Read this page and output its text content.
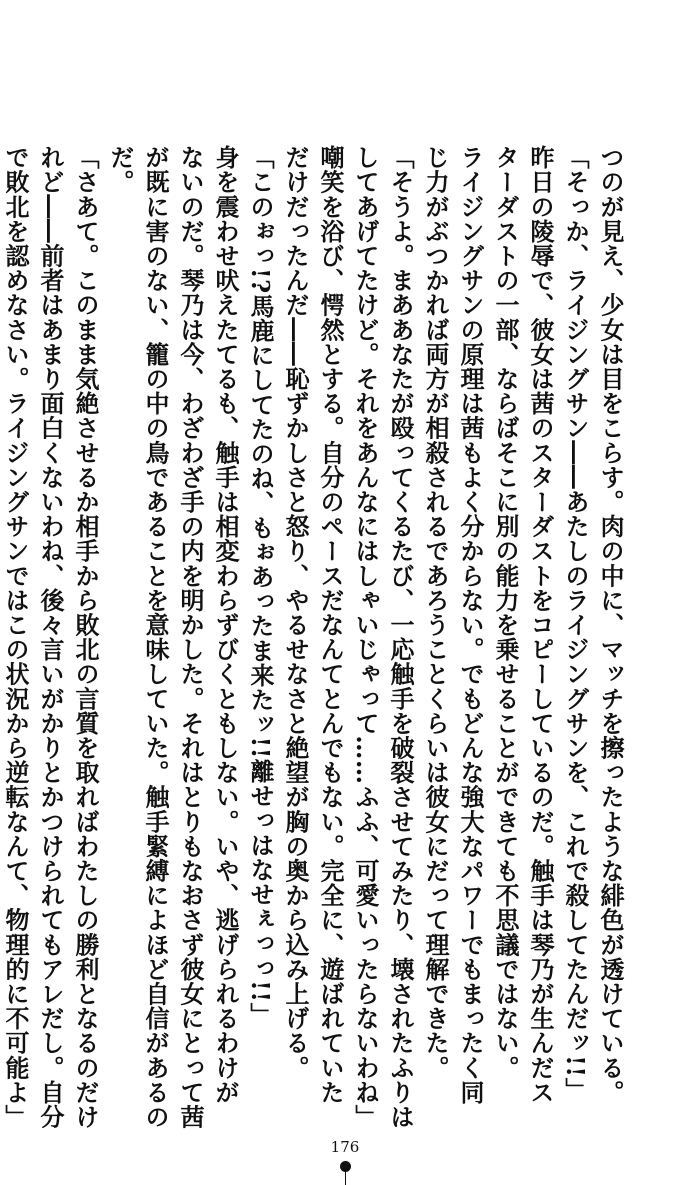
つのが見え、少女は目をこらす。肉の中に、マッチを擦ったような緋色が透けている。
「そっか、ライジングサン――あたしのライジングサンを、これで殺してたんだッ!!」
昨日の陵辱で、彼女は茜のスターダストをコピーしているのだ。触手は琴乃が生んだス
ターダストの一部、ならばそこに別の能力を乗せることができても不思議ではない。
ライジングサンの原理は茜もよく分からない。でもどんな強大なパワーでもまったく同
じ力がぶつかれば両方が相殺されるであろうことくらいは彼女にだって理解できた。
「そうよ。まああなたが殴ってくるたび、一応触手を破裂させてみたり、壊されたふりは
してあげてたけど。それをあんなにはしゃいじゃって……ふふ、可愛いったらないわね」
嘲笑を浴び、愕然とする。自分のペースだなんてとんでもない。完全に、遊ばれていた
だけだったんだ――恥ずかしさと怒り、やるせなさと絶望が胸の奥から込み上げる。
「このぉっ!?馬鹿にしてたのね、もぉあったま来たッ!!離せっはなせぇっっ!!」
身を震わせ吠えたてるも、触手は相変わらずびくともしない。いや、逃げられるわけが
ないのだ。琴乃は今、わざわざ手の内を明かした。それはとりもなおさず彼女にとって茜
が既に害のない、籠の中の鳥であることを意味していた。触手緊縛によほど自信があるの
だ。
「さあて。このまま気絶させるか相手から敗北の言質を取ればわたしの勝利となるのだけ
れど――前者はあまり面白くないわね、後々言いがかりとかつけられてもアレだし。自分
で敗北を認めなさい。ライジングサンではこの状況から逆転なんて、物理的に不可能よ」
176
